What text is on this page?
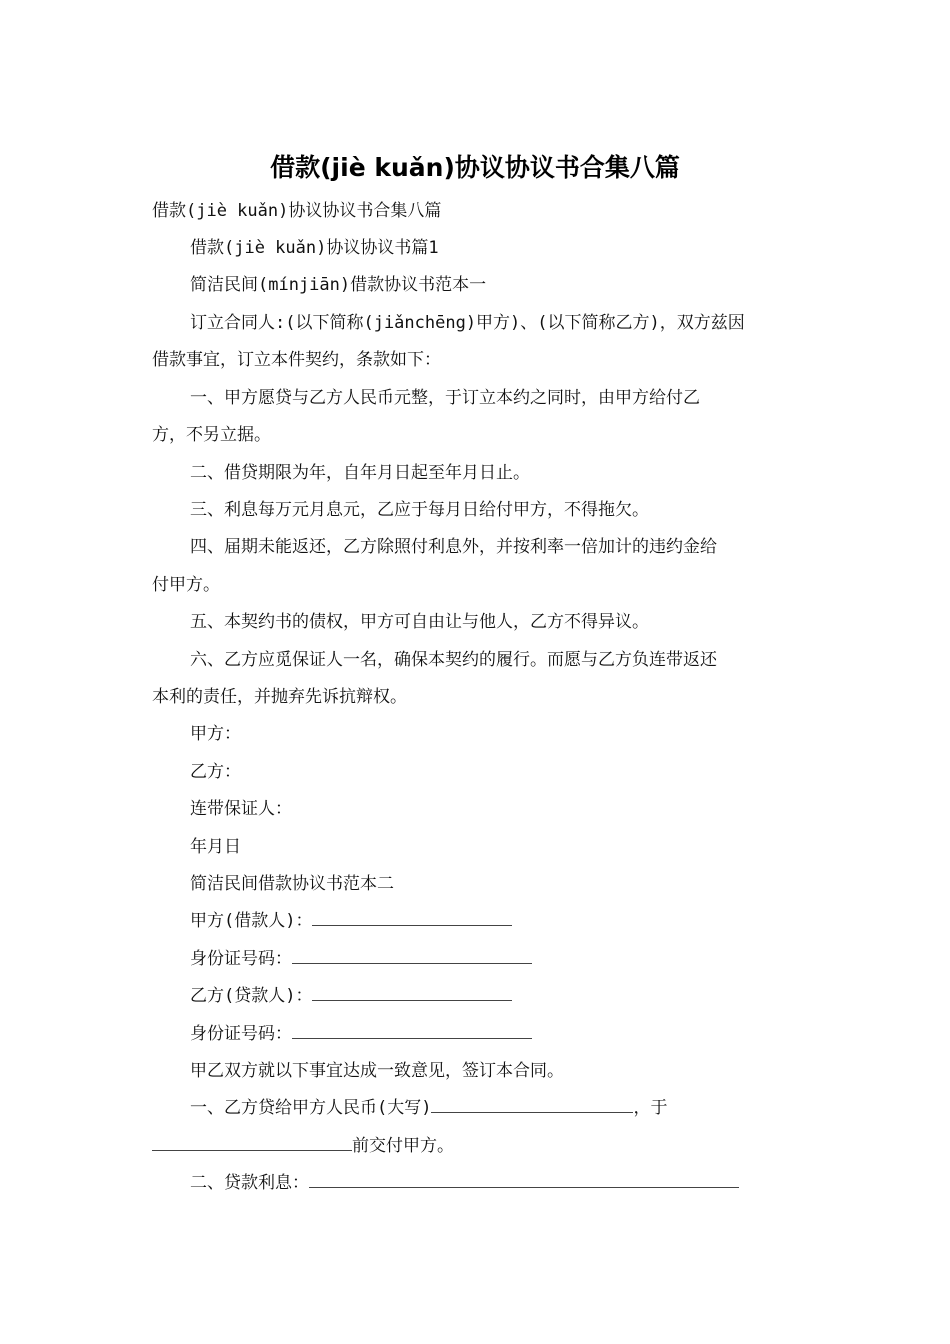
借款(jiè kuǎn)协议协议书合集八篇
借款(jiè kuǎn)协议协议书合集八篇
借款(jiè kuǎn)协议协议书篇1
简洁民间(mínjiān)借款协议书范本一
订立合同人:(以下简称(jiǎnchēng)甲方)、(以下简称乙方)，双方兹因
借款事宜，订立本件契约，条款如下：
一、甲方愿贷与乙方人民币元整，于订立本约之同时，由甲方给付乙
方，不另立据。
二、借贷期限为年，自年月日起至年月日止。
三、利息每万元月息元，乙应于每月日给付甲方，不得拖欠。
四、届期未能返还，乙方除照付利息外，并按利率一倍加计的违约金给
付甲方。
五、本契约书的债权，甲方可自由让与他人，乙方不得异议。
六、乙方应觅保证人一名，确保本契约的履行。而愿与乙方负连带返还
本利的责任，并抛弃先诉抗辩权。
甲方：
乙方：
连带保证人：
年月日
简洁民间借款协议书范本二
甲方(借款人)：
身份证号码：
乙方(贷款人)：
身份证号码：
甲乙双方就以下事宜达成一致意见，签订本合同。
一、乙方贷给甲方人民币(大写)	，于
前交付甲方。
二、贷款利息：
